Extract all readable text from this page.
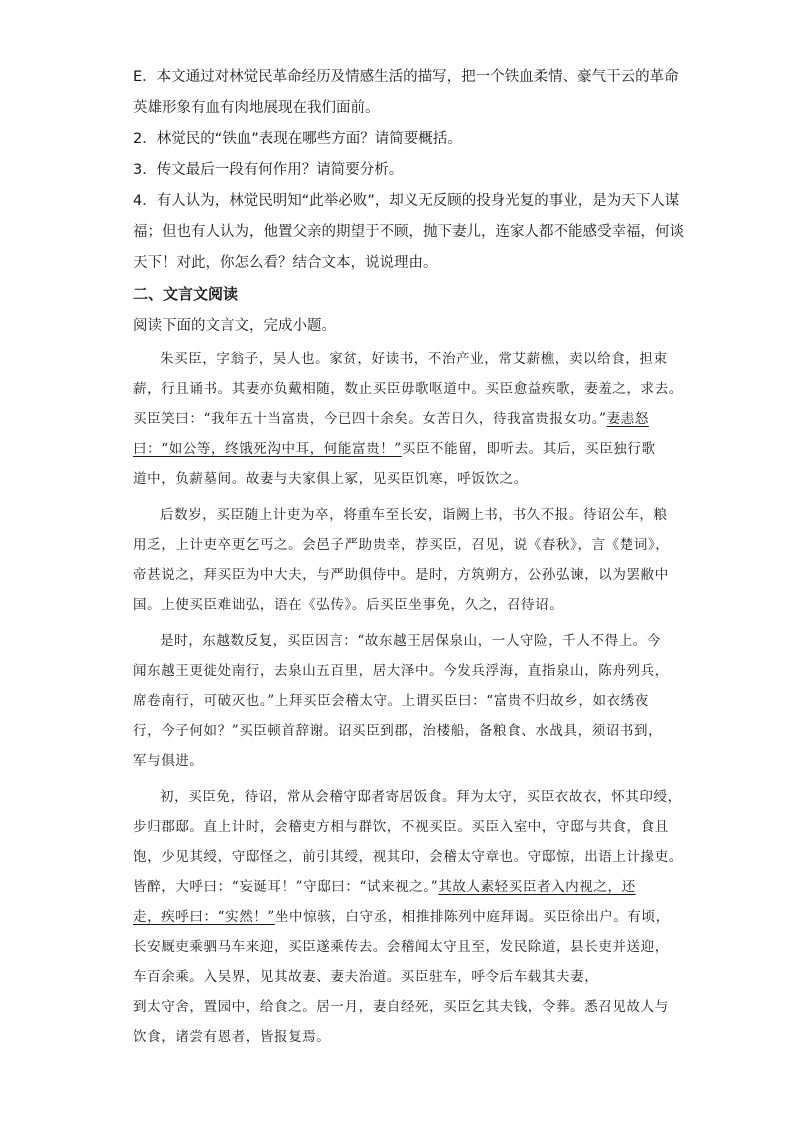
E．本文通过对林觉民革命经历及情感生活的描写，把一个铁血柔情、豪气干云的革命
英雄形象有血有肉地展现在我们面前。
2．林觉民的“铁血”表现在哪些方面？请简要概括。
3．传文最后一段有何作用？请简要分析。
4．有人认为，林觉民明知“此举必败”，却义无反顾的投身光复的事业，是为天下人谋
福；但也有人认为，他置父亲的期望于不顾，抛下妻儿，连家人都不能感受幸福，何谈
天下！对此，你怎么看？结合文本，说说理由。
二、文言文阅读
阅读下面的文言文，完成小题。
朱买臣，字翁子，吴人也。家贫，好读书，不治产业，常艾薪樵，卖以给食，担束
薪，行且诵书。其妻亦负戴相随，数止买臣毋歌呕道中。买臣愈益疾歌，妻羞之，求去。
买臣笑曰：“我年五十当富贵，今已四十余矣。女苦日久，待我富贵报女功。”妻恚怒
曰：“如公等，终饿死沟中耳，何能富贵！”买臣不能留，即听去。其后，买臣独行歌
道中，负薪墓间。故妻与夫家俱上冢，见买臣饥寒，呼饭饮之。
后数岁，买臣随上计吏为卒，将重车至长安，诣阙上书，书久不报。待诏公车，粮
用乏，上计吏卒更乞丐之。会邑子严助贵幸，荐买臣，召见，说《春秋》，言《楚词》，
帝甚说之，拜买臣为中大夫，与严助俱侍中。是时，方筑朔方，公孙弘谏，以为罢敝中
国。上使买臣难诎弘，语在《弘传》。后买臣坐事免，久之，召待诏。
是时，东越数反复，买臣因言：“故东越王居保泉山，一人守险，千人不得上。今
闻东越王更徙处南行，去泉山五百里，居大泽中。今发兵浮海，直指泉山，陈舟列兵，
席卷南行，可破灭也。”上拜买臣会稽太守。上谓买臣曰：“富贵不归故乡，如衣绣夜
行，今子何如？”买臣顿首辞谢。诏买臣到郡，治楼船，备粮食、水战具，须诏书到，
军与俱进。
初，买臣免，待诏，常从会稽守邸者寄居饭食。拜为太守，买臣衣故衣，怀其印绶，
步归郡邸。直上计时，会稽吏方相与群饮，不视买臣。买臣入室中，守邸与共食，食且
饱，少见其绶，守邸怪之，前引其绶，视其印，会稽太守章也。守邸惊，出语上计掾吏。
皆醉，大呼曰：“妄诞耳！”守邸曰：“试来视之。”其故人素轻买臣者入内视之，还
走，疾呼曰：“实然！”坐中惊骇，白守丞，相推排陈列中庭拜谒。买臣徐出户。有顷，
长安厩吏乘驷马车来迎，买臣遂乘传去。会稽闻太守且至，发民除道，县长吏并送迎，
车百余乘。入吴界，见其故妻、妻夫治道。买臣驻车，呼令后车载其夫妻，
到太守舍，置园中，给食之。居一月，妻自经死，买臣乞其夫钱，令葬。悉召见故人与
饮食，诸尝有恩者，皆报复焉。
